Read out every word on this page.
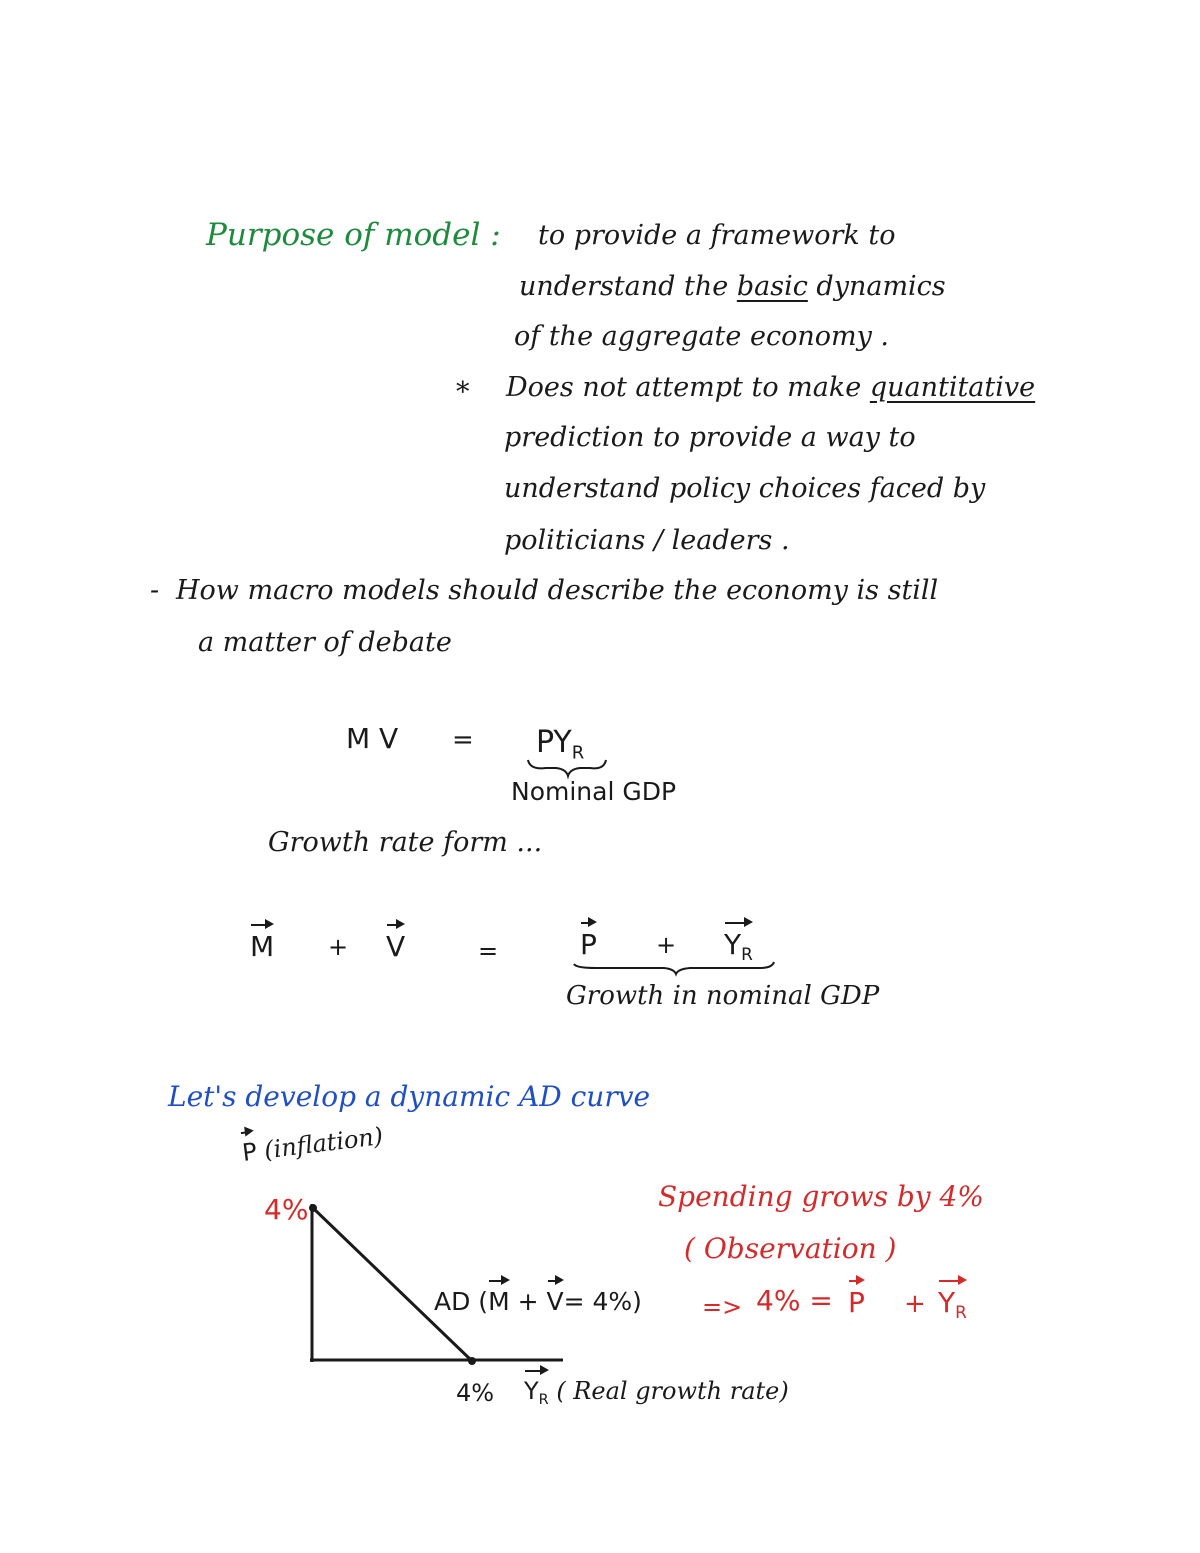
Purpose of model : to provide a framework to
understand the basic dynamics
of the aggregate economy .
* Does not attempt to make quantitative
prediction to provide a way to
understand policy choices faced by
politicians / leaders .
- How macro models should describe the economy is still
a matter of debate
M $V = PY_R$
Nominal GDP
Growth rate form ...
M + V	=	$P + Y_R$
Growth in nominal GDP
Let's develop a dynamic AD curve
P (inflation)
4%
AD (M + V= 4%)
4% $Y_R$ ( Real growth rate)
Spending grows by 4%
( Observation )
=> $4\% = P + Y_R$
